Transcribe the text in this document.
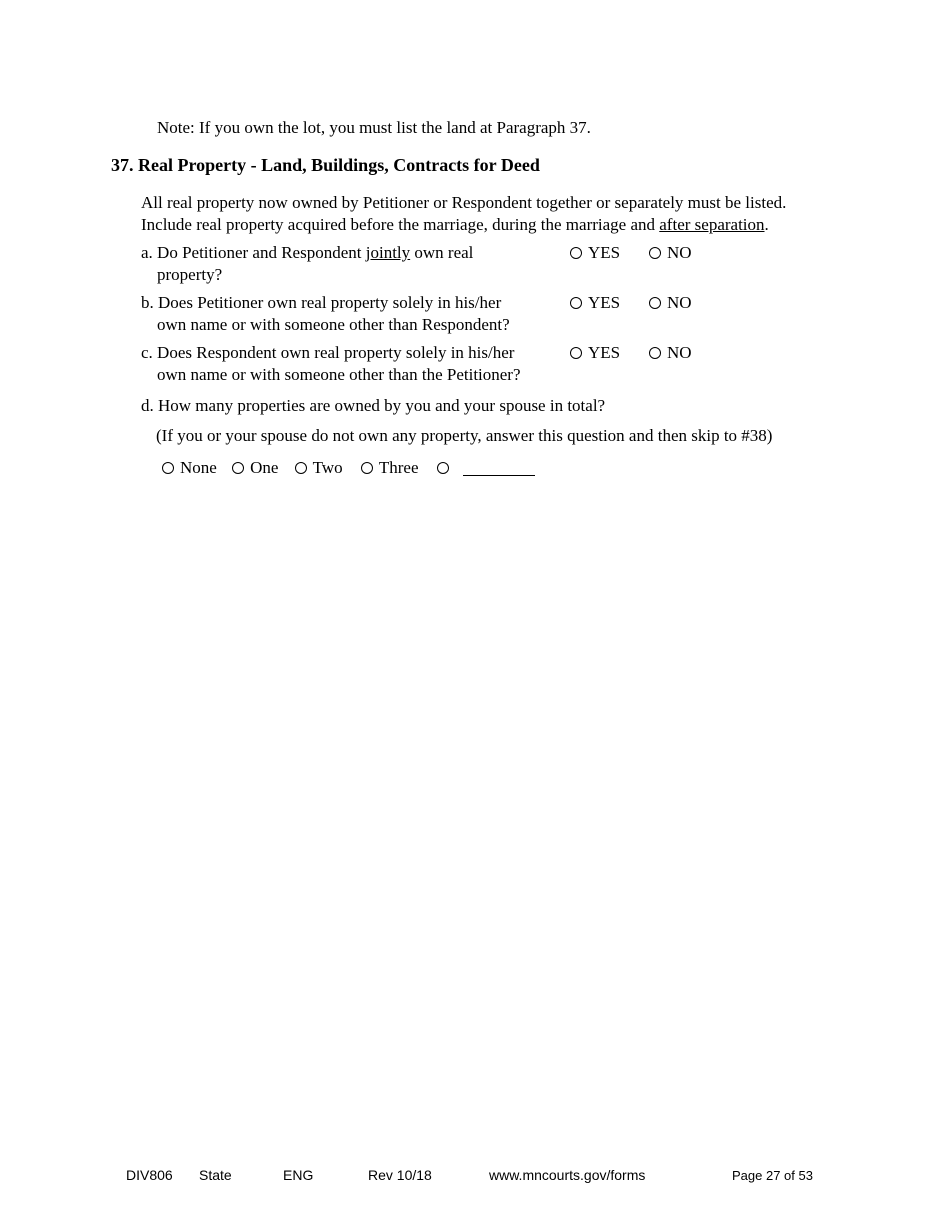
Note: If you own the lot, you must list the land at Paragraph 37.
37. Real Property - Land, Buildings, Contracts for Deed
All real property now owned by Petitioner or Respondent together or separately must be listed.
Include real property acquired before the marriage, during the marriage and after separation.
a. Do Petitioner and Respondent jointly own real
property?
YES	NO
b. Does Petitioner own real property solely in his/her
own name or with someone other than Respondent?
YES	NO
c. Does Respondent own real property solely in his/her
own name or with someone other than the Petitioner?
YES	NO
d. How many properties are owned by you and your spouse in total?
(If you or your spouse do not own any property, answer this question and then skip to #38)
None One Two Three
DIV806 State	ENG	Rev 10/18	www.mncourts.gov/forms	Page 27 of 53
